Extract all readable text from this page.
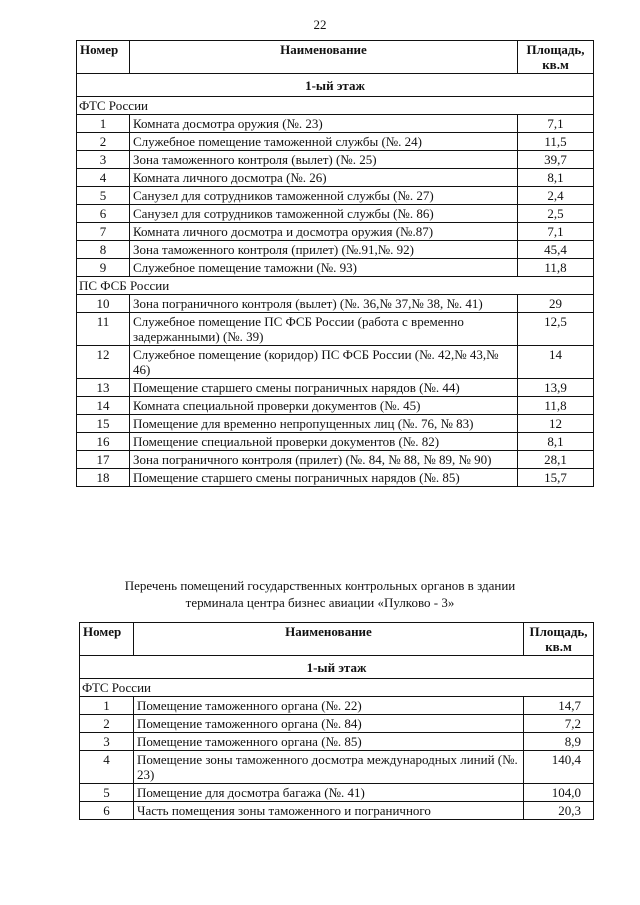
22
Номер	Наименование	Площадь, кв.м
1-ый этаж		
ФТС России		
1	Комната досмотра оружия (№. 23)	7,1
2	Служебное помещение таможенной службы (№. 24)	11,5
3	Зона таможенного контроля (вылет) (№. 25)	39,7
4	Комната личного досмотра (№. 26)	8,1
5	Санузел для сотрудников таможенной службы (№. 27)	2,4
6	Санузел для сотрудников таможенной службы (№. 86)	2,5
7	Комната личного досмотра и досмотра оружия (№.87)	7,1
8	Зона таможенного контроля (прилет) (№.91,№. 92)	45,4
9	Служебное помещение таможни (№. 93)	11,8
ПС ФСБ России		
10	Зона пограничного контроля (вылет) (№. 36,№ 37,№ 38, №. 41)	29
11	Служебное помещение ПС ФСБ России (работа с временно задержанными) (№. 39)	12,5
12	Служебное помещение (коридор) ПС ФСБ России (№. 42,№ 43,№ 46)	14
13	Помещение старшего смены пограничных нарядов (№. 44)	13,9
14	Комната специальной проверки документов (№. 45)	11,8
15	Помещение для временно непропущенных лиц (№. 76, № 83)	12
16	Помещение специальной проверки документов (№. 82)	8,1
17	Зона пограничного контроля (прилет) (№. 84, № 88, № 89, № 90)	28,1
18	Помещение старшего смены пограничных нарядов (№. 85)	15,7
Перечень помещений государственных контрольных органов в здании
терминала центра бизнес авиации «Пулково - 3»
Номер	Наименование	Площадь, кв.м
1-ый этаж		
ФТС России		
1	Помещение таможенного органа (№. 22)	14,7
2	Помещение таможенного органа (№. 84)	7,2
3	Помещение таможенного органа (№. 85)	8,9
4	Помещение зоны таможенного досмотра международных линий (№. 23)	140,4
5	Помещение для досмотра багажа (№. 41)	104,0
6	Часть помещения зоны таможенного и пограничного	20,3
